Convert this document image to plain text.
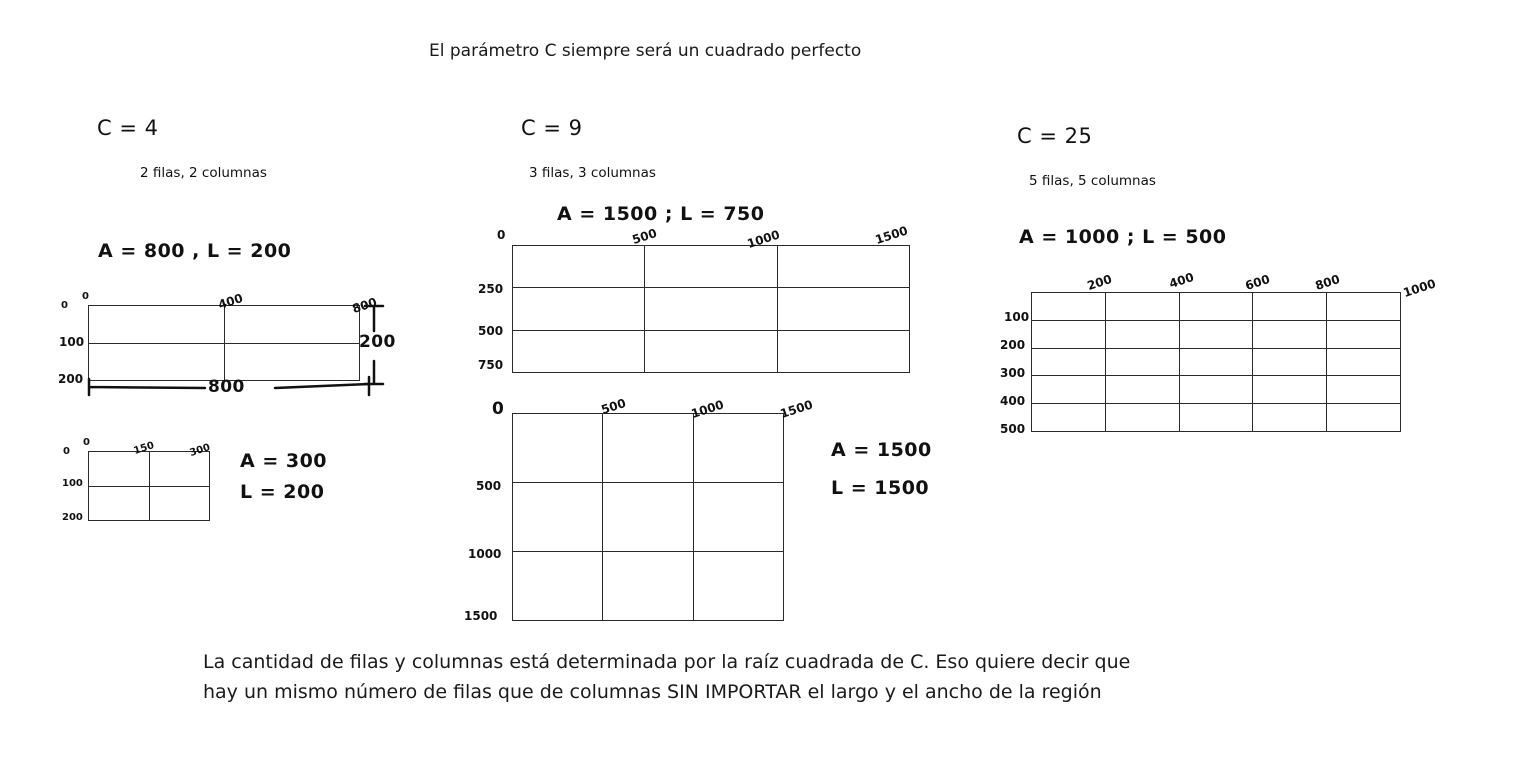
El parámetro C siempre será un cuadrado perfecto
C = 4
2 filas, 2 columnas
A = 800 , L = 200

0	400	800
0
100
200	800
200

0	150	300
0
100
200
A = 300
L = 200
C = 9
3 filas, 3 columnas
A = 1500 ; L = 750

0	500	1000	1500
250
500
750

0	500	1000	1500
500
1000
1500
A = 1500
L = 1500
C = 25
5 filas, 5 columnas
A = 1000 ; L = 500

200	400	600	800	1000
100
200
300
400
500
La cantidad de filas y columnas está determinada por la raíz cuadrada de C. Eso quiere decir que
hay un mismo número de filas que de columnas SIN IMPORTAR el largo y el ancho de la región
